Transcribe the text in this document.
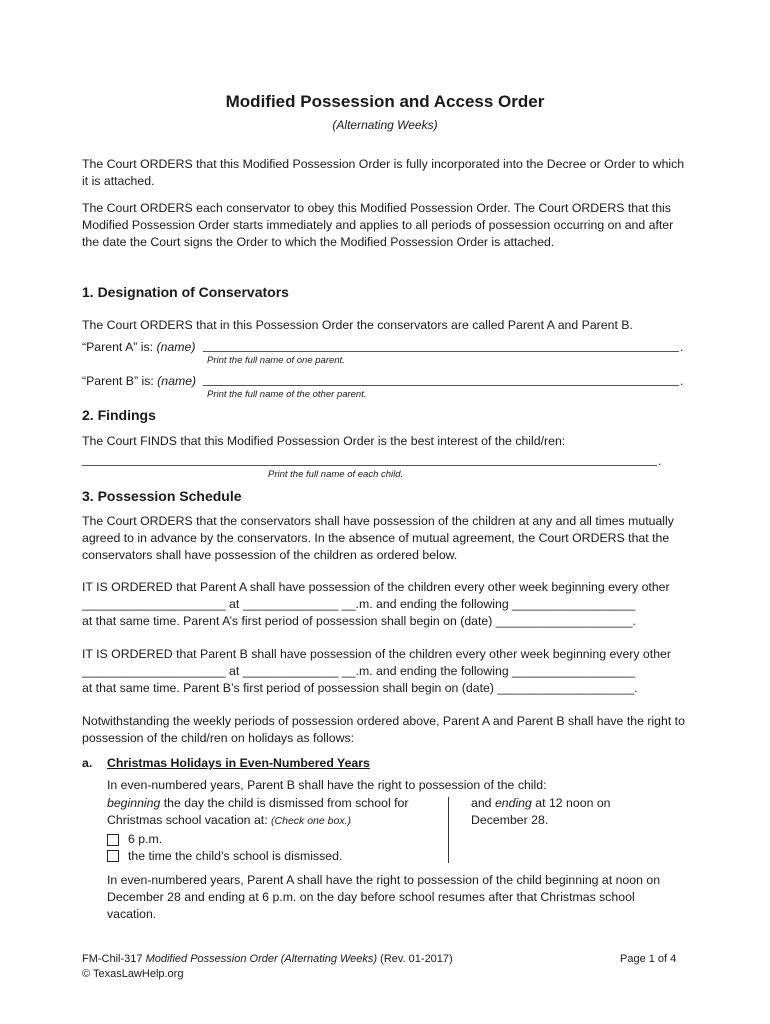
Modified Possession and Access Order
(Alternating Weeks)
The Court ORDERS that this Modified Possession Order is fully incorporated into the Decree or Order to which it is attached.
The Court ORDERS each conservator to obey this Modified Possession Order. The Court ORDERS that this Modified Possession Order starts immediately and applies to all periods of possession occurring on and after the date the Court signs the Order to which the Modified Possession Order is attached.
1. Designation of Conservators
The Court ORDERS that in this Possession Order the conservators are called Parent A and Parent B.
“Parent A” is: (name)	.
Print the full name of one parent.
“Parent B” is: (name)	.
Print the full name of the other parent.
2. Findings
The Court FINDS that this Modified Possession Order is the best interest of the child/ren:
.
Print the full name of each child.
3. Possession Schedule
The Court ORDERS that the conservators shall have possession of the children at any and all times mutually agreed to in advance by the conservators. In the absence of mutual agreement, the Court ORDERS that the conservators shall have possession of the children as ordered below.
IT IS ORDERED that Parent A shall have possession of the children every other week beginning every other
_____________________ at ______________ __.m. and ending the following __________________
at that same time. Parent A’s first period of possession shall begin on (date) ____________________.
IT IS ORDERED that Parent B shall have possession of the children every other week beginning every other
_____________________ at ______________ __.m. and ending the following __________________
at that same time. Parent B’s first period of possession shall begin on (date) ____________________.
Notwithstanding the weekly periods of possession ordered above, Parent A and Parent B shall have the right to possession of the child/ren on holidays as follows:
a. Christmas Holidays in Even-Numbered Years
In even-numbered years, Parent B shall have the right to possession of the child:
beginning the day the child is dismissed from school for
Christmas school vacation at: (Check one box.)
and ending at 12 noon on
December 28.
6 p.m.
the time the child’s school is dismissed.
In even-numbered years, Parent A shall have the right to possession of the child beginning at noon on December 28 and ending at 6 p.m. on the day before school resumes after that Christmas school vacation.
FM-Chil-317 Modified Possession Order (Alternating Weeks) (Rev. 01-2017)
© TexasLawHelp.org
Page 1 of 4
